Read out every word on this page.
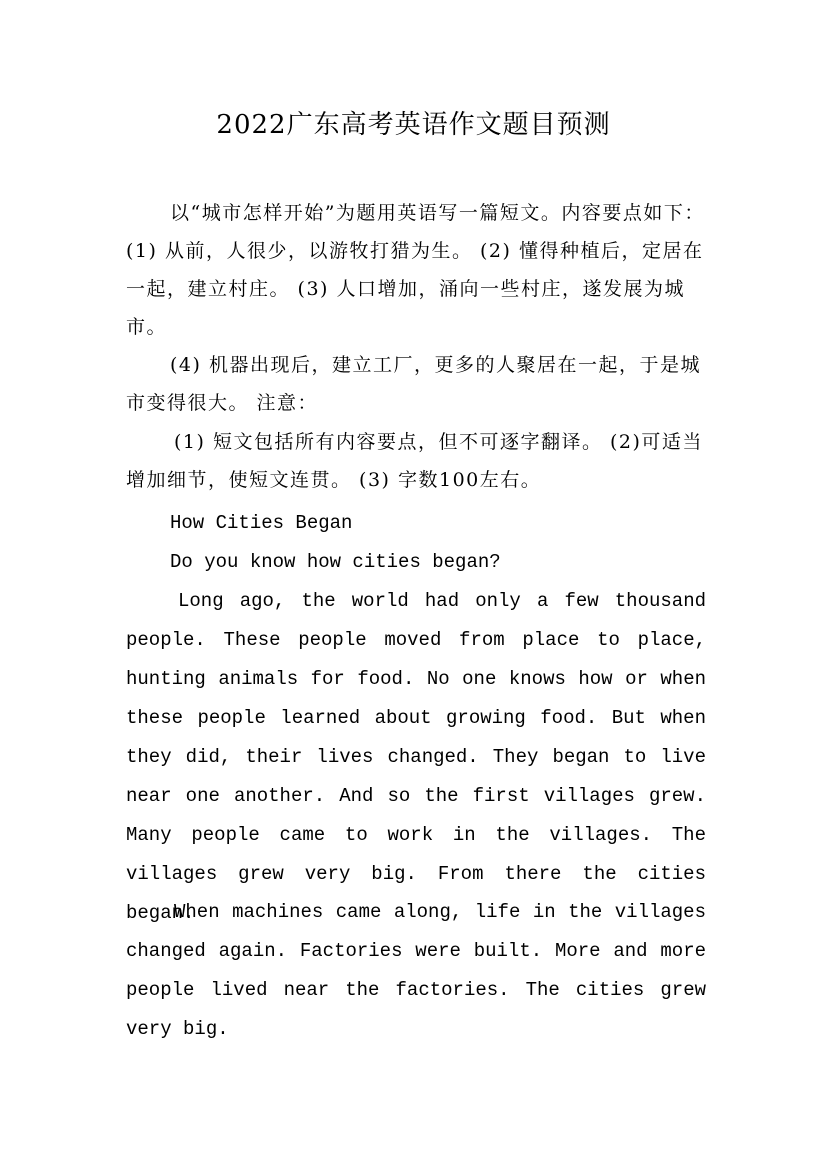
2022广东高考英语作文题目预测

以“城市怎样开始”为题用英语写一篇短文。内容要点如下：(1) 从前，人很少，以游牧打猎为生。 (2) 懂得种植后，定居在一起，建立村庄。 (3) 人口增加，涌向一些村庄，遂发展为城市。

(4) 机器出现后，建立工厂，更多的人聚居在一起，于是城市变得很大。 注意：

(1) 短文包括所有内容要点，但不可逐字翻译。 (2)可适当增加细节，使短文连贯。 (3) 字数100左右。

How Cities Began

Do you know how cities began?

Long ago, the world had only a few thousand people. These people moved from place to place, hunting animals for food. No one knows how or when these people learned about growing food. But when they did, their lives changed. They began to live near one another. And so the first villages grew. Many people came to work in the villages. The villages grew very big. From there the cities began.

When machines came along, life in the villages changed again. Factories were built. More and more people lived near the factories. The cities grew very big.
